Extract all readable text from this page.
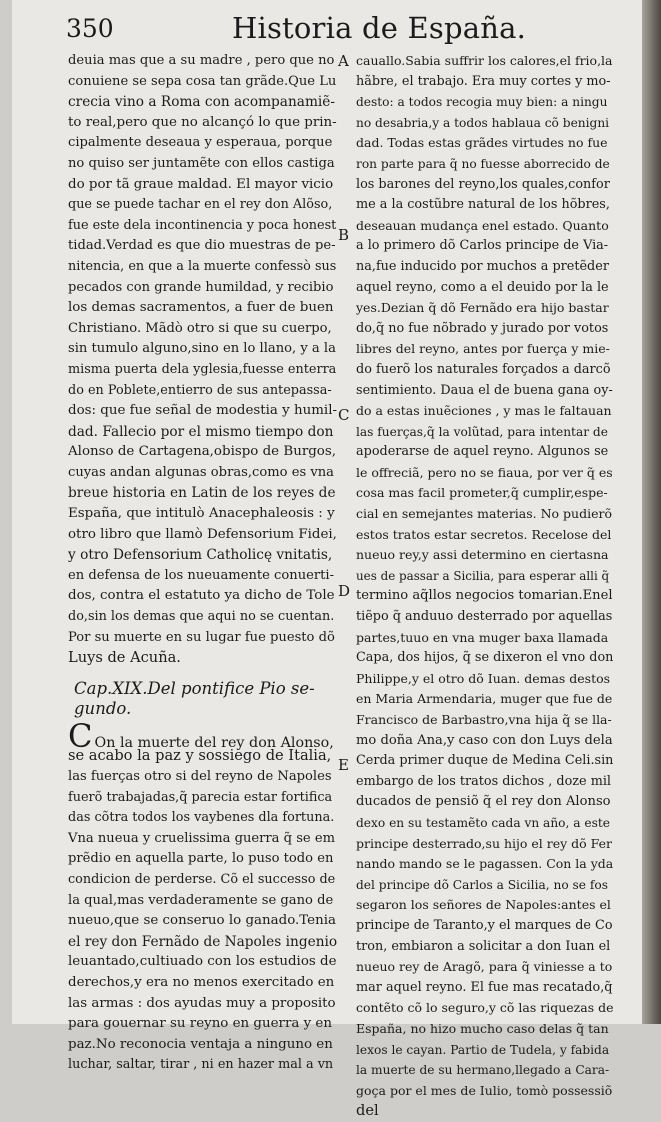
350	Historia de España.
A
B
C
D
E
deuia mas que a su madre , pero que no
conuiene se sepa cosa tan grãde.Que Lu
crecia vino a Roma con acompanamiẽ-
to real,pero que no alcançó lo que prin-
cipalmente deseaua y esperaua, porque
no quiso ser juntamẽte con ellos castiga
do por tã graue maldad. El mayor vicio
que se puede tachar en el rey don Alõso,
fue este dela incontinencia y poca honest
tidad.Verdad es que dio muestras de pe-
nitencia, en que a la muerte confessò sus
pecados con grande humildad, y recibio
los demas sacramentos, a fuer de buen
Christiano. Mãdò otro si que su cuerpo,
sin tumulo alguno,sino en lo llano, y a la
misma puerta dela yglesia,fuesse enterra
do en Poblete,entierro de sus antepassa-
dos: que fue señal de modestia y humil-
dad. Fallecio por el mismo tiempo don
Alonso de Cartagena,obispo de Burgos,
cuyas andan algunas obras,como es vna
breue historia en Latin de los reyes de
España, que intitulò Anacephaleosis : y
otro libro que llamò Defensorium Fidei,
y otro Defensorium Catholicę vnitatis,
en defensa de los nueuamente conuerti-
dos, contra el estatuto ya dicho de Tole
do,sin los demas que aqui no se cuentan.
Por su muerte en su lugar fue puesto dõ
Luys de Acuña.
Cap.XIX.Del pontifice Pio se-
gundo.
C On la muerte del rey don Alonso,
se acabo la paz y sossiego de Italia,
las fuerças otro si del reyno de Napoles
fuerõ trabajadas,q̃ parecia estar fortifica
das cõtra todos los vaybenes dla fortuna.
Vna nueua y cruelissima guerra q̃ se em
prẽdio en aquella parte, lo puso todo en
condicion de perderse. Cõ el successo de
la qual,mas verdaderamente se gano de
nueuo,que se conseruo lo ganado.Tenia
el rey don Fernãdo de Napoles ingenio
leuantado,cultiuado con los estudios de
derechos,y era no menos exercitado en
las armas : dos ayudas muy a proposito
para gouernar su reyno en guerra y en
paz.No reconocia ventaja a ninguno en
luchar, saltar, tirar , ni en hazer mal a vn
cauallo.Sabia suffrir los calores,el frio,la
hãbre, el trabajo. Era muy cortes y mo-
desto: a todos recogia muy bien: a ningu
no desabria,y a todos hablaua cõ benigni
dad. Todas estas grãdes virtudes no fue
ron parte para q̃ no fuesse aborrecido de
los barones del reyno,los quales,confor
me a la costũbre natural de los hõbres,
deseauan mudança enel estado. Quanto
a lo primero dõ Carlos principe de Via-
na,fue inducido por muchos a pretẽder
aquel reyno, como a el deuido por la le
yes.Dezian q̃ dõ Fernãdo era hijo bastar
do,q̃ no fue nõbrado y jurado por votos
libres del reyno, antes por fuerça y mie-
do fuerõ los naturales forçados a darcõ
sentimiento. Daua el de buena gana oy-
do a estas inuẽciones , y mas le faltauan
las fuerças,q̃ la volũtad, para intentar de
apoderarse de aquel reyno. Algunos se
le offreciã, pero no se fiaua, por ver q̃ es
cosa mas facil prometer,q̃ cumplir,espe-
cial en semejantes materias. No pudierõ
estos tratos estar secretos. Recelose del
nueuo rey,y assi determino en ciertasna
ues de passar a Sicilia, para esperar alli q̃
termino aq̃llos negocios tomarian.Enel
tiẽpo q̃ anduuo desterrado por aquellas
partes,tuuo en vna muger baxa llamada
Capa, dos hijos, q̃ se dixeron el vno don
Philippe,y el otro dõ Iuan. demas destos
en Maria Armendaria, muger que fue de
Francisco de Barbastro,vna hija q̃ se lla-
mo doña Ana,y caso con don Luys dela
Cerda primer duque de Medina Celi.sin
embargo de los tratos dichos , doze mil
ducados de pensiõ q̃ el rey don Alonso
dexo en su testamẽto cada vn año, a este
principe desterrado,su hijo el rey dõ Fer
nando mando se le pagassen. Con la yda
del principe dõ Carlos a Sicilia, no se fos
segaron los señores de Napoles:antes el
principe de Taranto,y el marques de Co
tron, embiaron a solicitar a don Iuan el
nueuo rey de Aragõ, para q̃ viniesse a to
mar aquel reyno. El fue mas recatado,q̃
contẽto cõ lo seguro,y cõ las riquezas de
España, no hizo mucho caso delas q̃ tan
lexos le cayan. Partio de Tudela, y fabida
la muerte de su hermano,llegado a Cara-
goça por el mes de Iulio, tomò possessiõ
del
